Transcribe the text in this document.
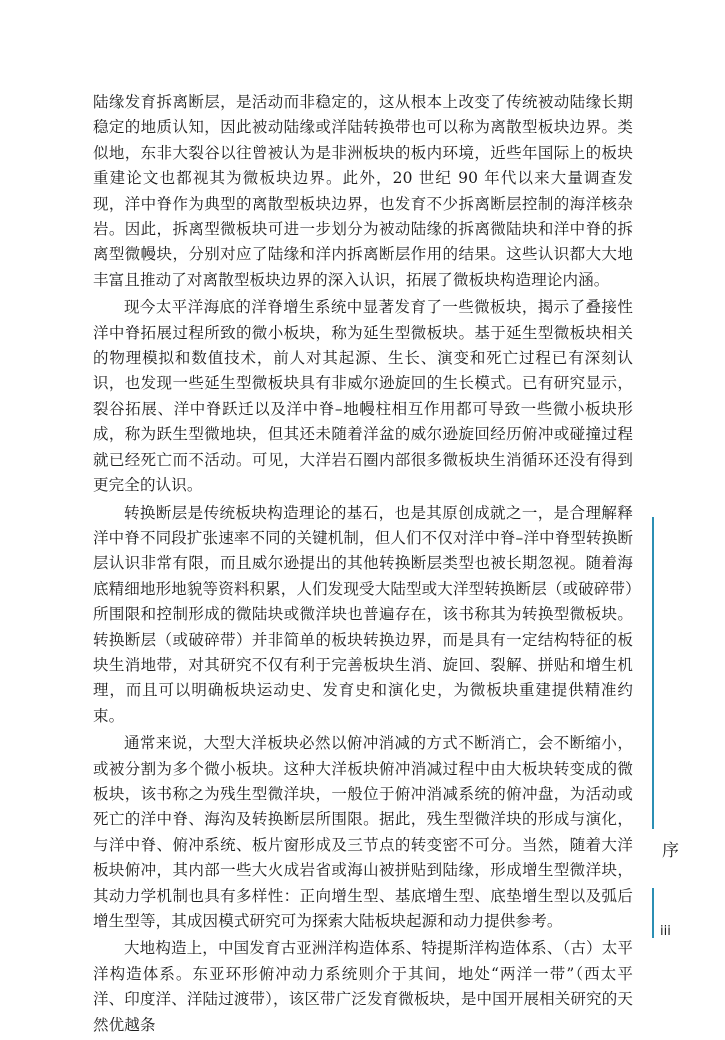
陆缘发育拆离断层，是活动而非稳定的，这从根本上改变了传统被动陆缘长期稳定的地质认知，因此被动陆缘或洋陆转换带也可以称为离散型板块边界。类似地，东非大裂谷以往曾被认为是非洲板块的板内环境，近些年国际上的板块重建论文也都视其为微板块边界。此外，20 世纪 90 年代以来大量调查发现，洋中脊作为典型的离散型板块边界，也发育不少拆离断层控制的海洋核杂岩。因此，拆离型微板块可进一步划分为被动陆缘的拆离微陆块和洋中脊的拆离型微幔块，分别对应了陆缘和洋内拆离断层作用的结果。这些认识都大大地丰富且推动了对离散型板块边界的深入认识，拓展了微板块构造理论内涵。

现今太平洋海底的洋脊增生系统中显著发育了一些微板块，揭示了叠接性洋中脊拓展过程所致的微小板块，称为延生型微板块。基于延生型微板块相关的物理模拟和数值技术，前人对其起源、生长、演变和死亡过程已有深刻认识，也发现一些延生型微板块具有非威尔逊旋回的生长模式。已有研究显示，裂谷拓展、洋中脊跃迁以及洋中脊–地幔柱相互作用都可导致一些微小板块形成，称为跃生型微地块，但其还未随着洋盆的威尔逊旋回经历俯冲或碰撞过程就已经死亡而不活动。可见，大洋岩石圈内部很多微板块生消循环还没有得到更完全的认识。

转换断层是传统板块构造理论的基石，也是其原创成就之一，是合理解释洋中脊不同段扩张速率不同的关键机制，但人们不仅对洋中脊–洋中脊型转换断层认识非常有限，而且威尔逊提出的其他转换断层类型也被长期忽视。随着海底精细地形地貌等资料积累，人们发现受大陆型或大洋型转换断层（或破碎带）所围限和控制形成的微陆块或微洋块也普遍存在，该书称其为转换型微板块。转换断层（或破碎带）并非简单的板块转换边界，而是具有一定结构特征的板块生消地带，对其研究不仅有利于完善板块生消、旋回、裂解、拼贴和增生机理，而且可以明确板块运动史、发育史和演化史，为微板块重建提供精准约束。

通常来说，大型大洋板块必然以俯冲消减的方式不断消亡，会不断缩小，或被分割为多个微小板块。这种大洋板块俯冲消减过程中由大板块转变成的微板块，该书称之为残生型微洋块，一般位于俯冲消减系统的俯冲盘，为活动或死亡的洋中脊、海沟及转换断层所围限。据此，残生型微洋块的形成与演化，与洋中脊、俯冲系统、板片窗形成及三节点的转变密不可分。当然，随着大洋板块俯冲，其内部一些大火成岩省或海山被拼贴到陆缘，形成增生型微洋块，其动力学机制也具有多样性：正向增生型、基底增生型、底垫增生型以及弧后增生型等，其成因模式研究可为探索大陆板块起源和动力提供参考。

大地构造上，中国发育古亚洲洋构造体系、特提斯洋构造体系、（古）太平洋构造体系。东亚环形俯冲动力系统则介于其间，地处“两洋一带”（西太平洋、印度洋、洋陆过渡带），该区带广泛发育微板块，是中国开展相关研究的天然优越条

序
iii
